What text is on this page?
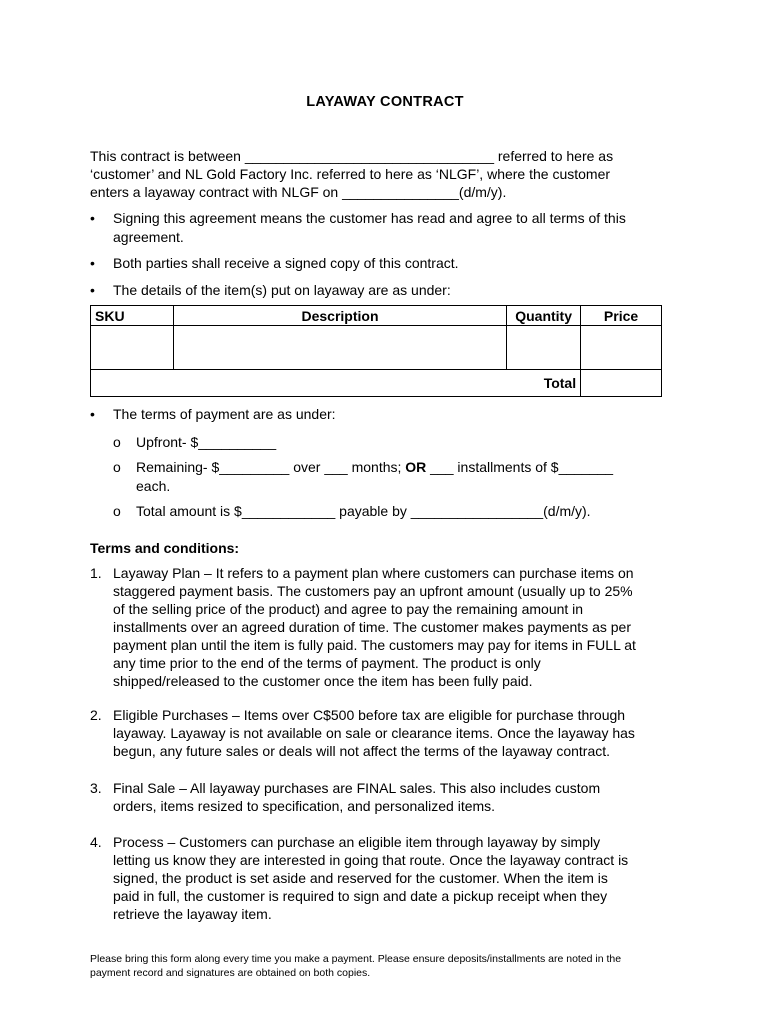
LAYAWAY CONTRACT
This contract is between ________________________________ referred to here as
‘customer’ and NL Gold Factory Inc. referred to here as ‘NLGF’, where the customer
enters a layaway contract with NLGF on _______________(d/m/y).
• Signing this agreement means the customer has read and agree to all terms of this
agreement.
• Both parties shall receive a signed copy of this contract.
• The details of the item(s) put on layaway are as under:
SKU	Description	Quantity	Price

Total			
• The terms of payment are as under:
o Upfront- $__________
o Remaining- $_________ over ___ months; OR ___ installments of $_______
each.
o Total amount is $____________ payable by _________________(d/m/y).
Terms and conditions:
1. Layaway Plan – It refers to a payment plan where customers can purchase items on
staggered payment basis. The customers pay an upfront amount (usually up to 25%
of the selling price of the product) and agree to pay the remaining amount in
installments over an agreed duration of time. The customer makes payments as per
payment plan until the item is fully paid. The customers may pay for items in FULL at
any time prior to the end of the terms of payment. The product is only
shipped/released to the customer once the item has been fully paid.
2. Eligible Purchases – Items over C$500 before tax are eligible for purchase through
layaway. Layaway is not available on sale or clearance items. Once the layaway has
begun, any future sales or deals will not affect the terms of the layaway contract.
3. Final Sale – All layaway purchases are FINAL sales. This also includes custom
orders, items resized to specification, and personalized items.
4. Process – Customers can purchase an eligible item through layaway by simply
letting us know they are interested in going that route. Once the layaway contract is
signed, the product is set aside and reserved for the customer. When the item is
paid in full, the customer is required to sign and date a pickup receipt when they
retrieve the layaway item.
Please bring this form along every time you make a payment. Please ensure deposits/installments are noted in the
payment record and signatures are obtained on both copies.
